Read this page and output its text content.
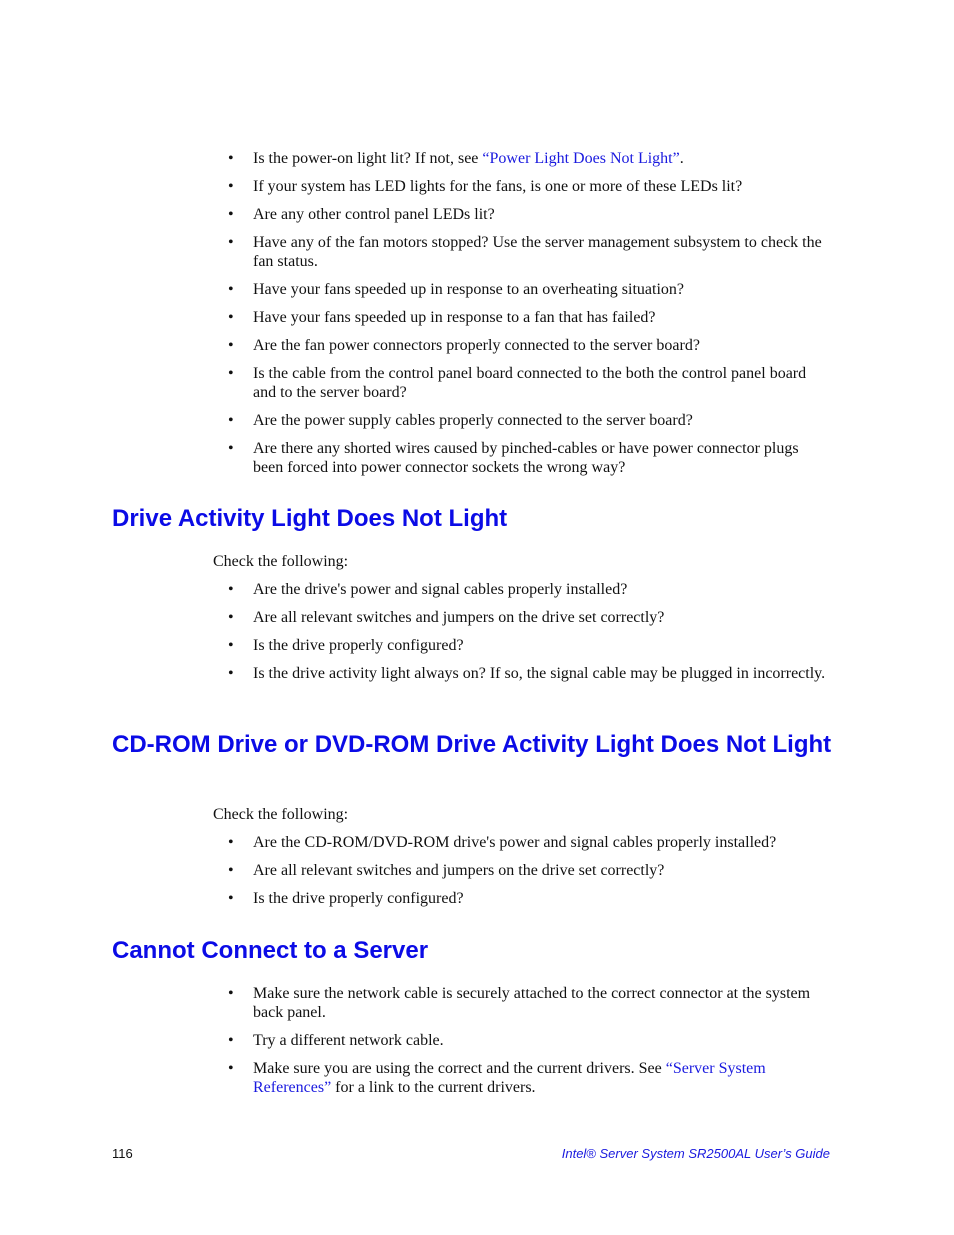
• Is the power-on light lit? If not, see “Power Light Does Not Light”.
• If your system has LED lights for the fans, is one or more of these LEDs lit?
• Are any other control panel LEDs lit?
• Have any of the fan motors stopped? Use the server management subsystem to check the fan status.
• Have your fans speeded up in response to an overheating situation?
• Have your fans speeded up in response to a fan that has failed?
• Are the fan power connectors properly connected to the server board?
• Is the cable from the control panel board connected to the both the control panel board and to the server board?
• Are the power supply cables properly connected to the server board?
• Are there any shorted wires caused by pinched-cables or have power connector plugs been forced into power connector sockets the wrong way?
Drive Activity Light Does Not Light

Check the following:

• Are the drive's power and signal cables properly installed?
• Are all relevant switches and jumpers on the drive set correctly?
• Is the drive properly configured?
• Is the drive activity light always on? If so, the signal cable may be plugged in incorrectly.
CD-ROM Drive or DVD-ROM Drive Activity Light Does Not Light

Check the following:

• Are the CD-ROM/DVD-ROM drive's power and signal cables properly installed?
• Are all relevant switches and jumpers on the drive set correctly?
• Is the drive properly configured?
Cannot Connect to a Server
• Make sure the network cable is securely attached to the correct connector at the system back panel.
• Try a different network cable.
• Make sure you are using the correct and the current drivers. See “Server System References” for a link to the current drivers.
116	Intel® Server System SR2500AL User’s Guide
